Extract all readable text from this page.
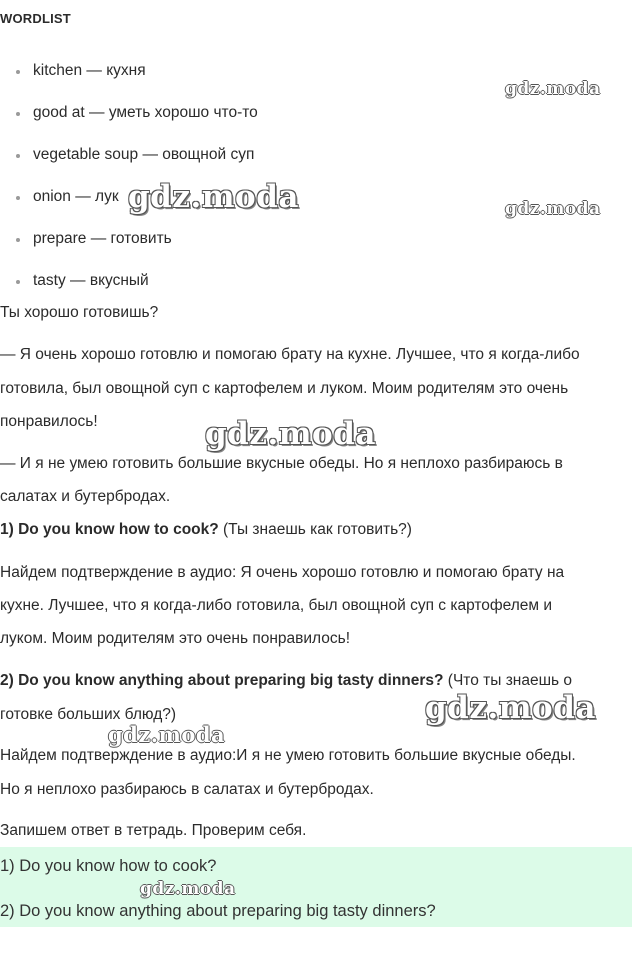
WORDLIST
kitchen — кухня
good at — уметь хорошо что-то
vegetable soup — овощной суп
onion — лук
prepare — готовить
tasty — вкусный
Ты хорошо готовишь?
— Я очень хорошо готовлю и помогаю брату на кухне. Лучшее, что я когда-либо
готовила, был овощной суп с картофелем и луком. Моим родителям это очень
понравилось!
— И я не умею готовить большие вкусные обеды. Но я неплохо разбираюсь в
салатах и бутербродах.
1) Do you know how to cook? (Ты знаешь как готовить?)
Найдем подтверждение в аудио: Я очень хорошо готовлю и помогаю брату на
кухне. Лучшее, что я когда-либо готовила, был овощной суп с картофелем и
луком. Моим родителям это очень понравилось!
2) Do you know anything about preparing big tasty dinners? (Что ты знаешь о
готовке больших блюд?)
Найдем подтверждение в аудио:И я не умею готовить большие вкусные обеды.
Но я неплохо разбираюсь в салатах и бутербродах.
Запишем ответ в тетрадь. Проверим себя.
1) Do you know how to cook?
2) Do you know anything about preparing big tasty dinners?
gdz.moda
gdz.moda	gdz.moda
gdz.moda
gdz.moda
gdz.moda
gdz.moda
